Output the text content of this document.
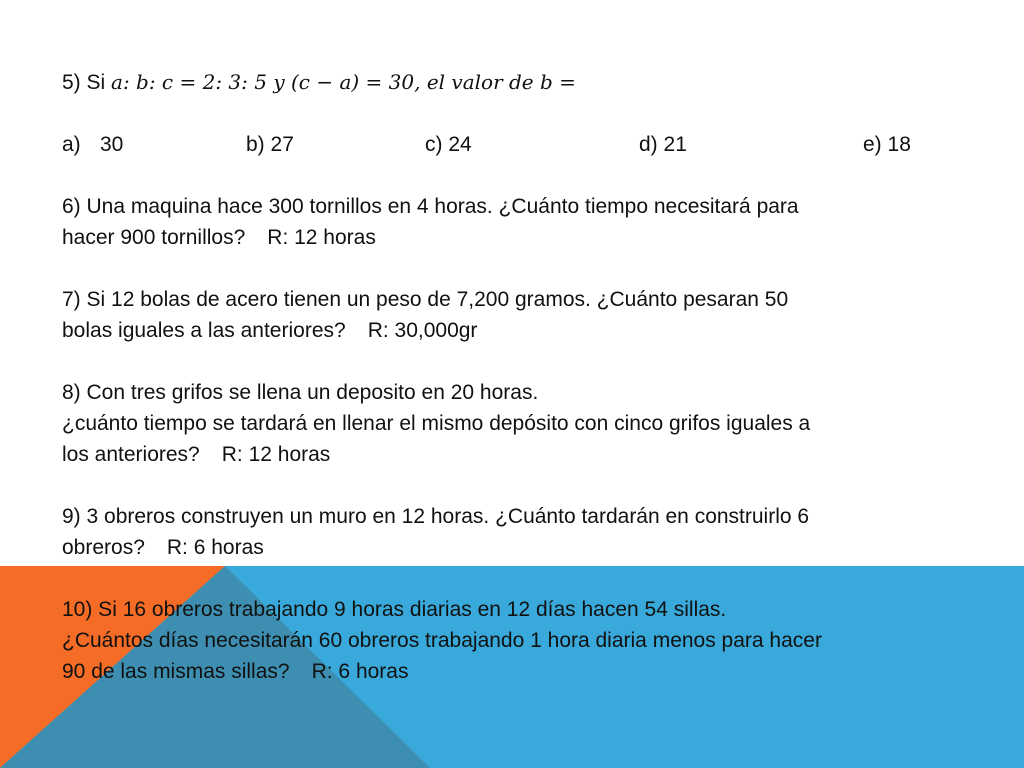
5) Si a: b: c = 2: 3: 5 y (c − a) = 30, el valor de b =
a) 30	b) 27	c) 24	d) 21	e) 18
6) Una maquina hace 300 tornillos en 4 horas. ¿Cuánto tiempo necesitará para
hacer 900 tornillos? R: 12 horas
7) Si 12 bolas de acero tienen un peso de 7,200 gramos. ¿Cuánto pesaran 50
bolas iguales a las anteriores? R: 30,000gr
8) Con tres grifos se llena un deposito en 20 horas.
¿cuánto tiempo se tardará en llenar el mismo depósito con cinco grifos iguales a
los anteriores? R: 12 horas
9) 3 obreros construyen un muro en 12 horas. ¿Cuánto tardarán en construirlo 6
obreros? R: 6 horas
10) Si 16 obreros trabajando 9 horas diarias en 12 días hacen 54 sillas.
¿Cuántos días necesitarán 60 obreros trabajando 1 hora diaria menos para hacer
90 de las mismas sillas? R: 6 horas
